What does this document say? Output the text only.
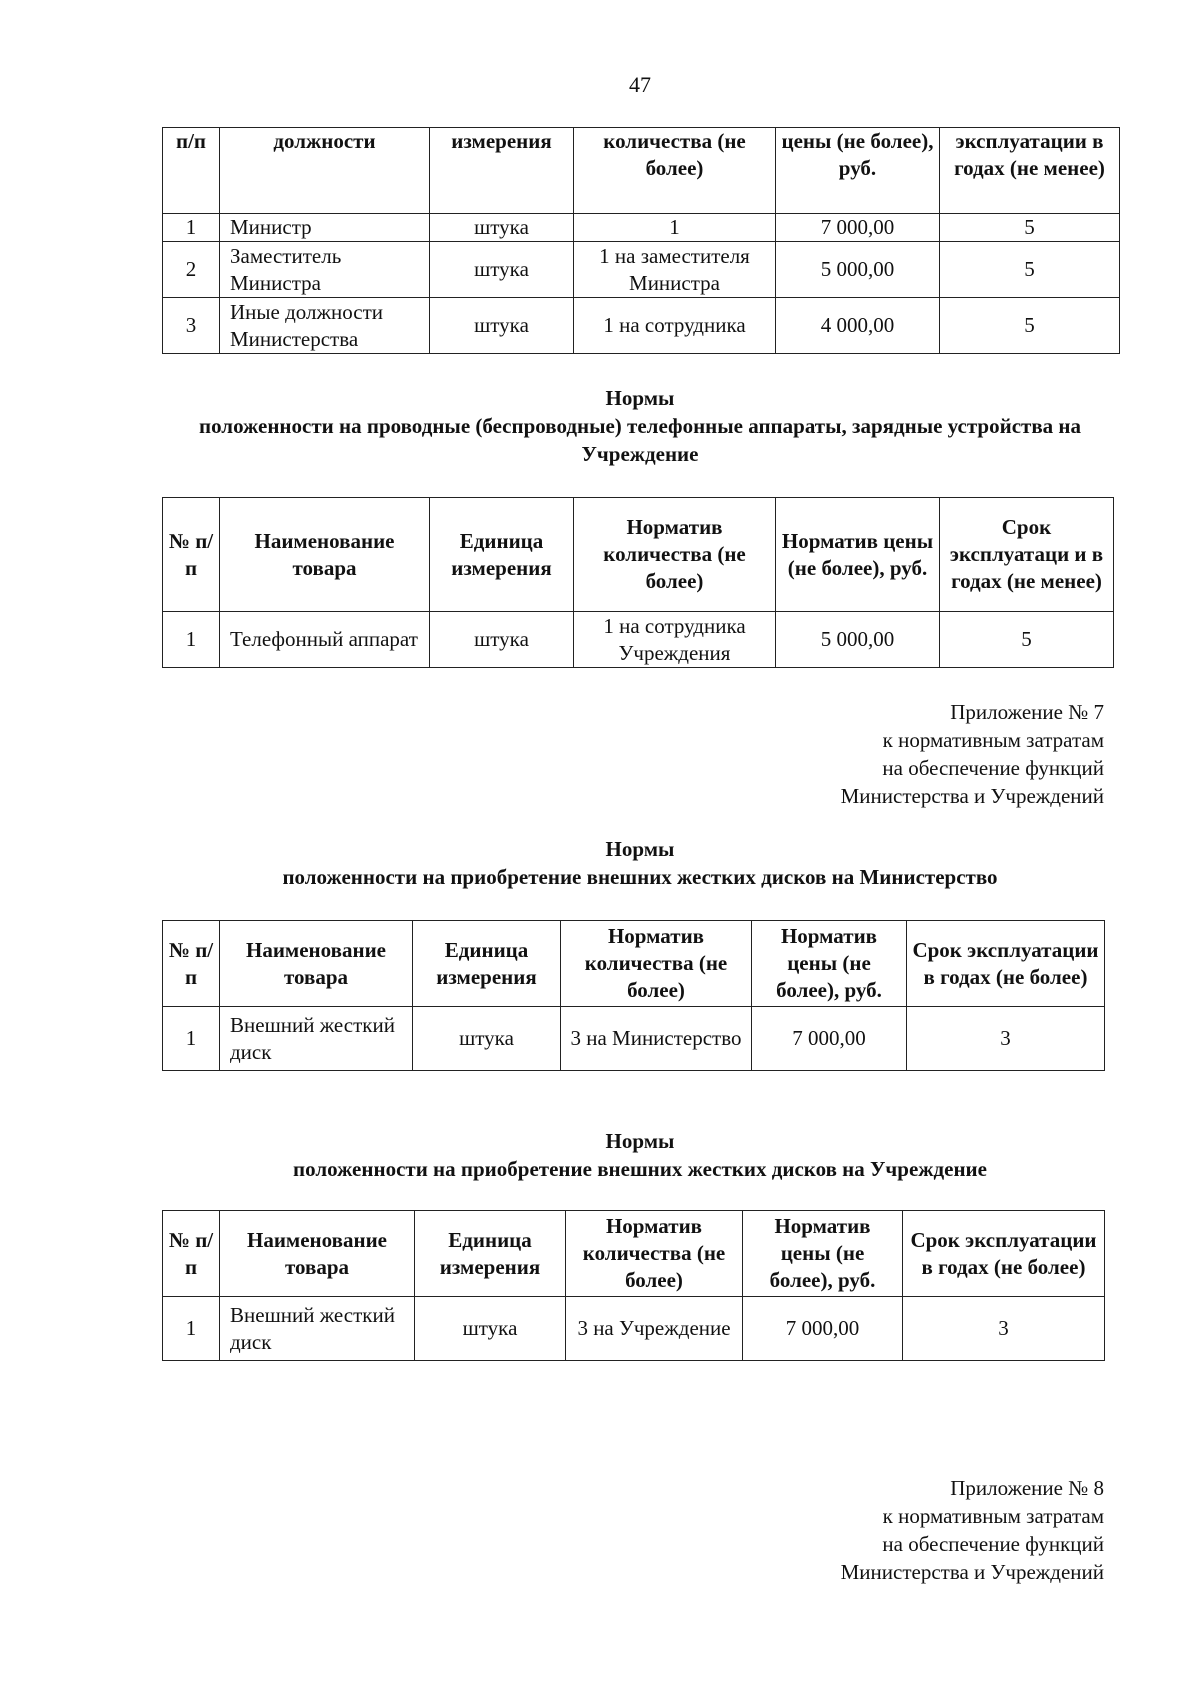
47
п/п	должности	измерения	количества (не более)	цены (не более), руб.	эксплуатации в годах (не менее)
1	Министр	штука	1	7 000,00	5
2	Заместитель Министра	штука	1 на заместителя Министра	5 000,00	5
3	Иные должности Министерства	штука	1 на сотрудника	4 000,00	5
Нормы
положенности на проводные (беспроводные) телефонные аппараты, зарядные устройства на Учреждение
№ п/п	Наименование товара	Единица измерения	Норматив количества (не более)	Норматив цены (не более), руб.	Срок эксплуатаци и в годах (не менее)
1	Телефонный аппарат	штука	1 на сотрудника Учреждения	5 000,00	5
Приложение № 7
к нормативным затратам
на обеспечение функций
Министерства и Учреждений
Нормы
положенности на приобретение внешних жестких дисков на Министерство
№ п/п	Наименование товара	Единица измерения	Норматив количества (не более)	Норматив цены (не более), руб.	Срок эксплуатации в годах (не более)
1	Внешний жесткий диск	штука	3 на Министерство	7 000,00	3
Нормы
положенности на приобретение внешних жестких дисков на Учреждение
№ п/п	Наименование товара	Единица измерения	Норматив количества (не более)	Норматив цены (не более), руб.	Срок эксплуатации в годах (не более)
1	Внешний жесткий диск	штука	3 на Учреждение	7 000,00	3
Приложение № 8
к нормативным затратам
на обеспечение функций
Министерства и Учреждений
